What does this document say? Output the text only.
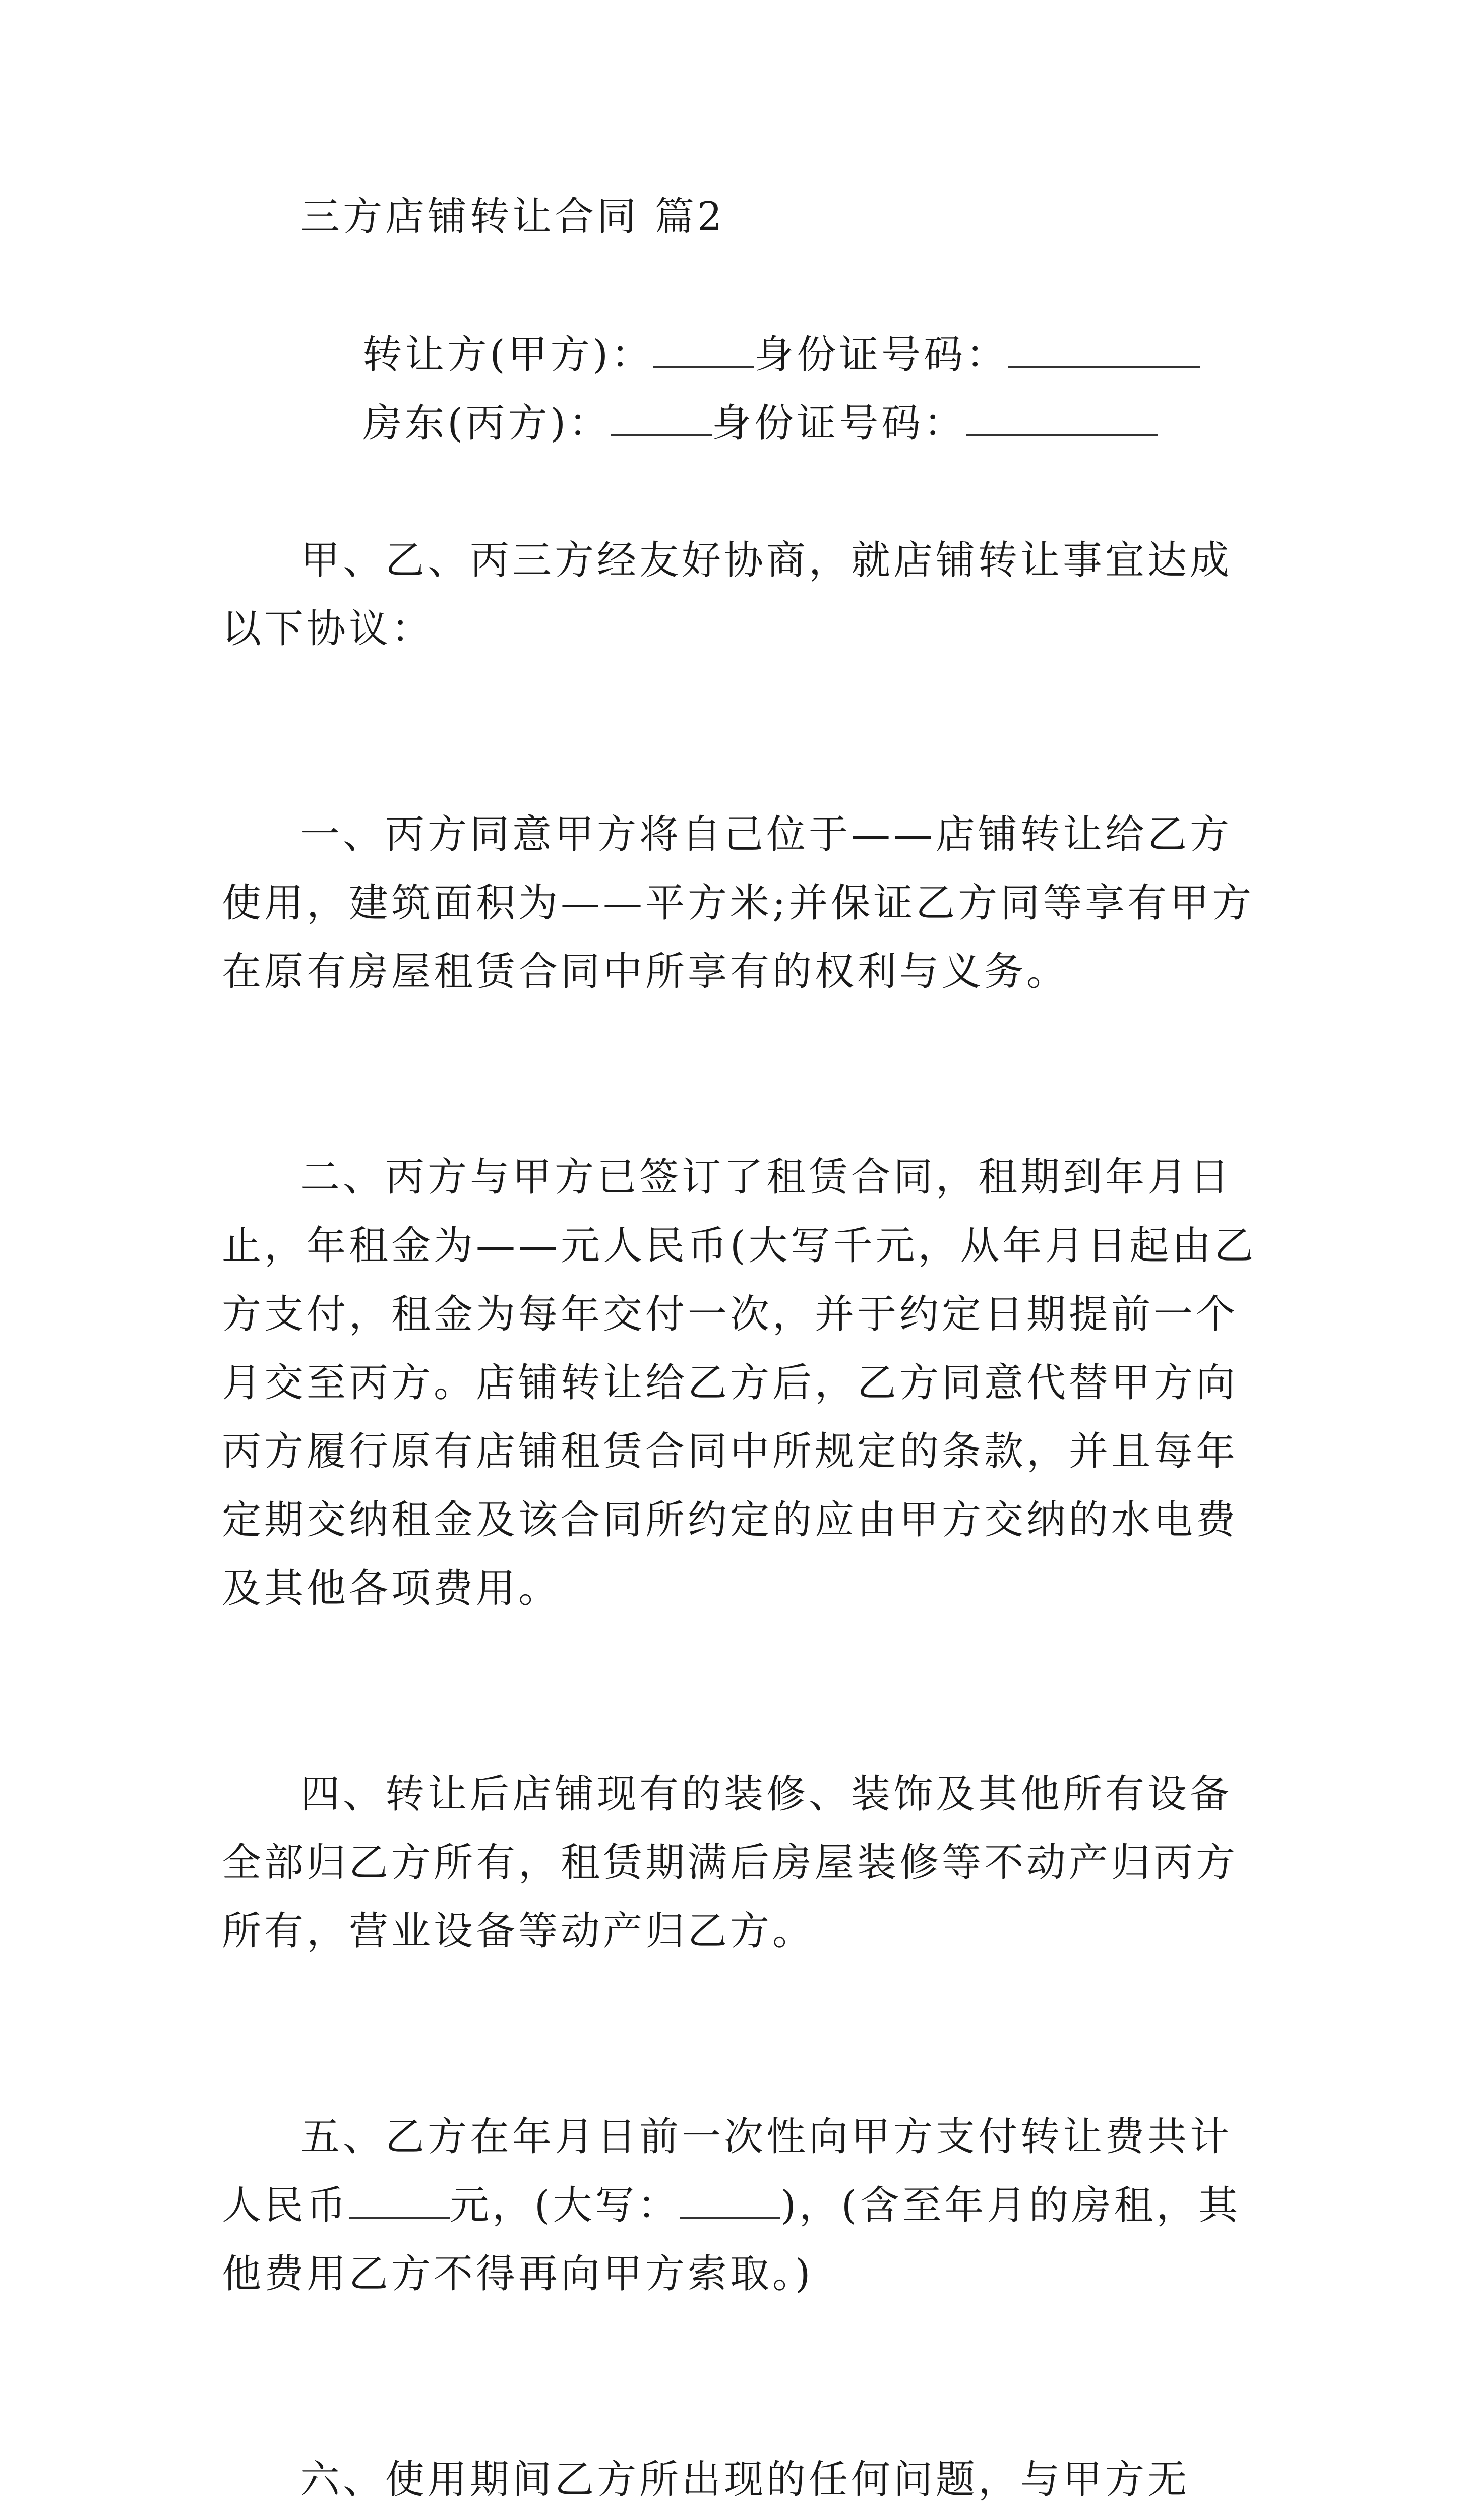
三方店铺转让合同 篇2

转让方(甲方)：	身份证号码：

房东(丙方)：	身份证号码：

甲、乙、丙三方经友好协商，就店铺转让事宜达成以下协议：

一、丙方同意甲方将自己位于——店铺转让给乙方使用，建筑面积为——平方米;并保证乙方同等享有甲方在原有房屋租赁合同中所享有的权利与义务。

二、丙方与甲方已签订了租赁合同，租期到年月日止，年租金为——元人民币(大写千元，从年月日起由乙方支付，租金为每年交付一次，并于约定日期提前一个月交至丙方。店铺转让给乙方后，乙方同意代替甲方向丙方履行原有店铺租赁合同中所规定的条款，并且每年定期交纳租金及该合同所约定的应由甲方交纳的水电费及其他各项费用。

四、转让后店铺现有的装修、装饰及其他所有设备全部归乙方所有，租赁期满后房屋装修等不动产归丙方所有，营业设备等动产归乙方。

五、乙方在年月日前一次性向甲方支付转让费共计人民币	元，(大写：	)，(含至年月的房租，其他费用乙方不得再向甲方索取。)

六、使用期间乙方所出现的任何问题，与甲方无
